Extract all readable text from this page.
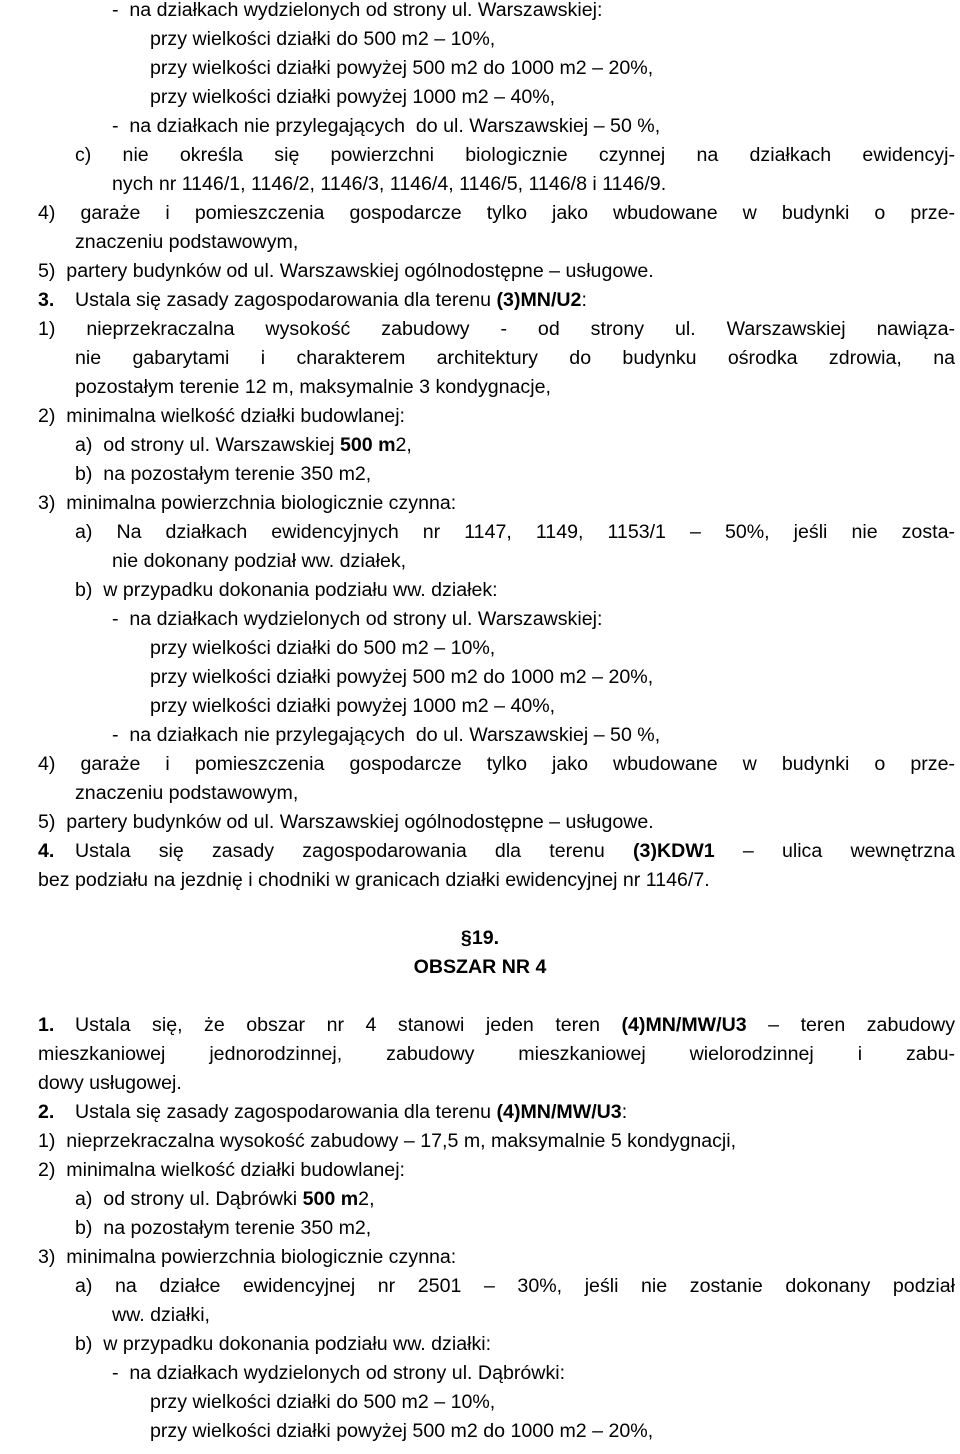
-  na działkach wydzielonych od strony ul. Warszawskiej:
przy wielkości działki do 500 m2 – 10%,
przy wielkości działki powyżej 500 m2 do 1000 m2 – 20%,
przy wielkości działki powyżej 1000 m2 – 40%,
-  na działkach nie przylegających  do ul. Warszawskiej – 50 %,
c) nie określa się powierzchni biologicznie czynnej na działkach ewidencyj-
nych nr 1146/1, 1146/2, 1146/3, 1146/4, 1146/5, 1146/8 i 1146/9.
4) garaże i pomieszczenia gospodarcze tylko jako wbudowane w budynki o prze-
znaczeniu podstawowym,
5)  partery budynków od ul. Warszawskiej ogólnodostępne – usługowe.
3. Ustala się zasady zagospodarowania dla terenu (3)MN/U2:
1) nieprzekraczalna wysokość zabudowy - od strony ul. Warszawskiej nawiąza-
nie gabarytami i charakterem architektury do budynku ośrodka zdrowia, na
pozostałym terenie 12 m, maksymalnie 3 kondygnacje,
2)  minimalna wielkość działki budowlanej:
a)  od strony ul. Warszawskiej 500 m2,
b)  na pozostałym terenie 350 m2,
3)  minimalna powierzchnia biologicznie czynna:
a) Na działkach ewidencyjnych nr 1147, 1149, 1153/1 – 50%, jeśli nie zosta-
nie dokonany podział ww. działek,
b)  w przypadku dokonania podziału ww. działek:
-  na działkach wydzielonych od strony ul. Warszawskiej:
przy wielkości działki do 500 m2 – 10%,
przy wielkości działki powyżej 500 m2 do 1000 m2 – 20%,
przy wielkości działki powyżej 1000 m2 – 40%,
-  na działkach nie przylegających  do ul. Warszawskiej – 50 %,
4) garaże i pomieszczenia gospodarcze tylko jako wbudowane w budynki o prze-
znaczeniu podstawowym,
5)  partery budynków od ul. Warszawskiej ogólnodostępne – usługowe.
4. Ustala się zasady zagospodarowania dla terenu (3)KDW1 – ulica wewnętrzna
bez podziału na jezdnię i chodniki w granicach działki ewidencyjnej nr 1146/7.
§19.
OBSZAR NR 4
1. Ustala się, że obszar nr 4 stanowi jeden teren (4)MN/MW/U3 – teren zabudowy
mieszkaniowej jednorodzinnej, zabudowy mieszkaniowej wielorodzinnej i zabu-
dowy usługowej.
2. Ustala się zasady zagospodarowania dla terenu (4)MN/MW/U3:
1)  nieprzekraczalna wysokość zabudowy – 17,5 m, maksymalnie 5 kondygnacji,
2)  minimalna wielkość działki budowlanej:
a)  od strony ul. Dąbrówki 500 m2,
b)  na pozostałym terenie 350 m2,
3)  minimalna powierzchnia biologicznie czynna:
a) na działce ewidencyjnej nr 2501 – 30%, jeśli nie zostanie dokonany podział
ww. działki,
b)  w przypadku dokonania podziału ww. działki:
-  na działkach wydzielonych od strony ul. Dąbrówki:
przy wielkości działki do 500 m2 – 10%,
przy wielkości działki powyżej 500 m2 do 1000 m2 – 20%,
